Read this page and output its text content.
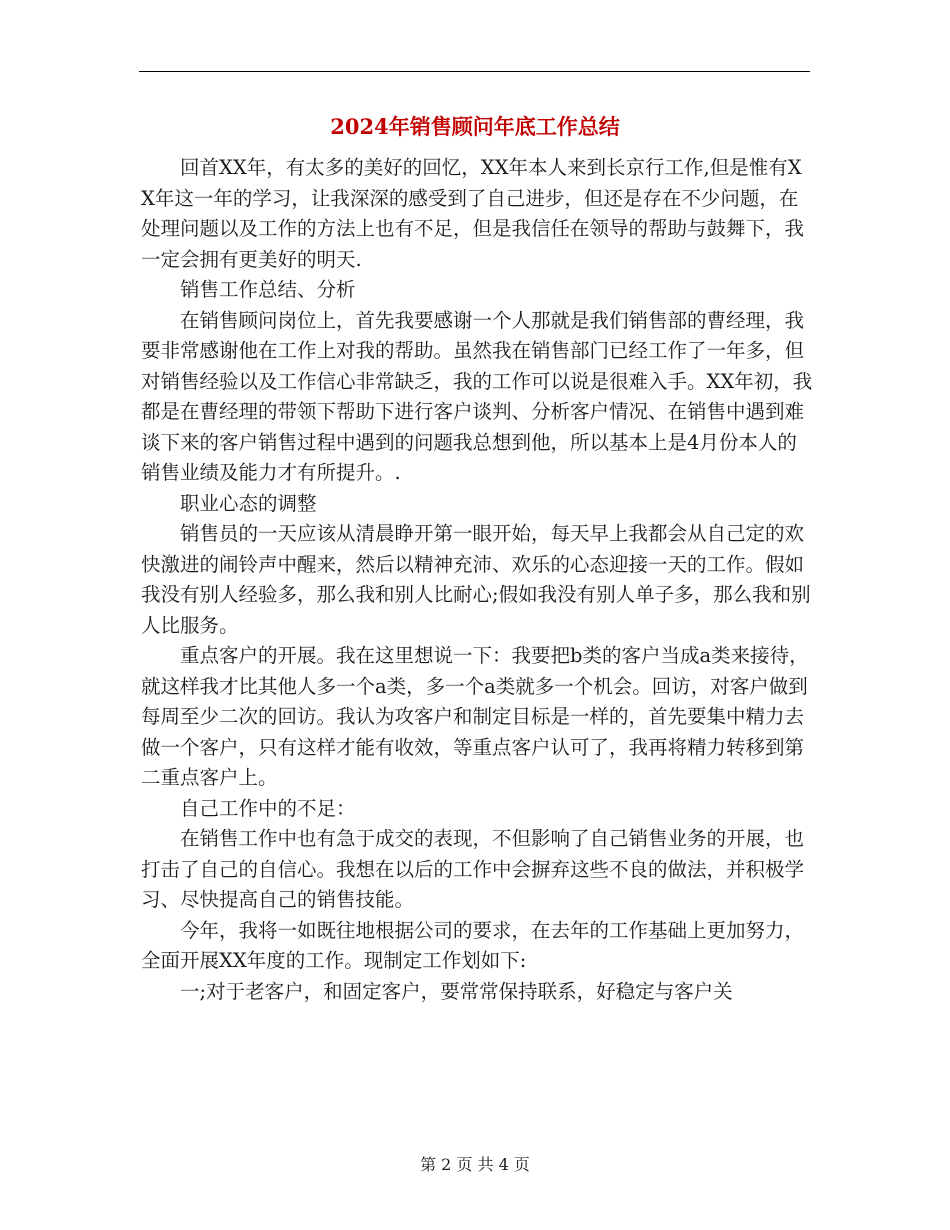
2024年销售顾问年底工作总结

回首XX年，有太多的美好的回忆，XX年本人来到长京行工作,但是惟有XX年这一年的学习，让我深深的感受到了自己进步，但还是存在不少问题，在处理问题以及工作的方法上也有不足，但是我信任在领导的帮助与鼓舞下，我一定会拥有更美好的明天.

销售工作总结、分析

在销售顾问岗位上，首先我要感谢一个人那就是我们销售部的曹经理，我要非常感谢他在工作上对我的帮助。虽然我在销售部门已经工作了一年多，但对销售经验以及工作信心非常缺乏，我的工作可以说是很难入手。XX年初，我都是在曹经理的带领下帮助下进行客户谈判、分析客户情况、在销售中遇到难谈下来的客户销售过程中遇到的问题我总想到他，所以基本上是4月份本人的销售业绩及能力才有所提升。.

职业心态的调整

销售员的一天应该从清晨睁开第一眼开始，每天早上我都会从自己定的欢快激进的闹铃声中醒来，然后以精神充沛、欢乐的心态迎接一天的工作。假如我没有别人经验多，那么我和别人比耐心;假如我没有别人单子多，那么我和别人比服务。

重点客户的开展。我在这里想说一下：我要把b类的客户当成a类来接待，就这样我才比其他人多一个a类，多一个a类就多一个机会。回访，对客户做到每周至少二次的回访。我认为攻客户和制定目标是一样的，首先要集中精力去做一个客户，只有这样才能有收效，等重点客户认可了，我再将精力转移到第二重点客户上。

自己工作中的不足：

在销售工作中也有急于成交的表现，不但影响了自己销售业务的开展，也打击了自己的自信心。我想在以后的工作中会摒弃这些不良的做法，并积极学习、尽快提高自己的销售技能。

今年，我将一如既往地根据公司的要求，在去年的工作基础上更加努力，全面开展XX年度的工作。现制定工作划如下:

一;对于老客户，和固定客户，要常常保持联系，好稳定与客户关

第 2 页 共 4 页
